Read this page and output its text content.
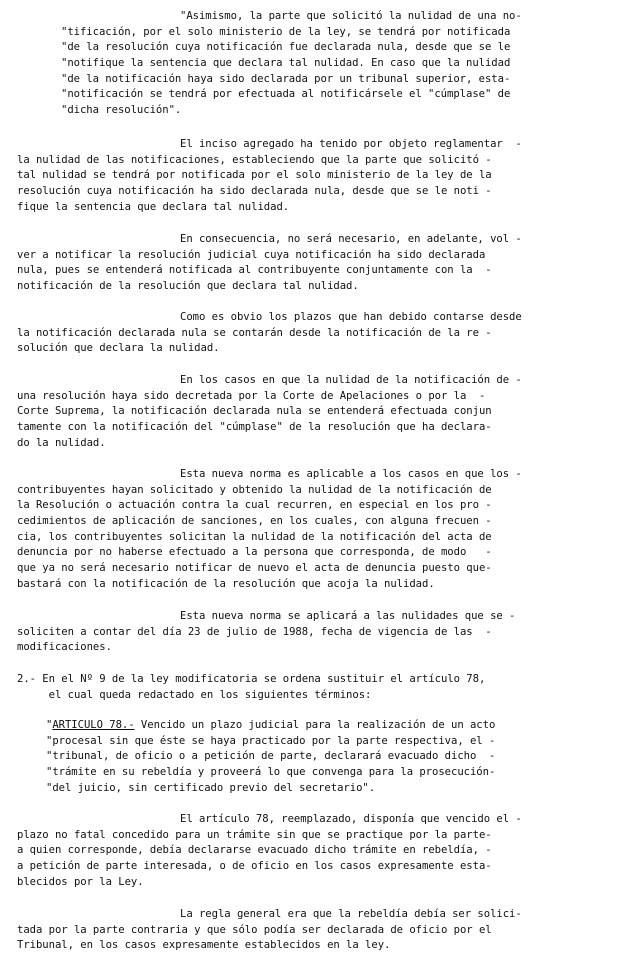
"Asimismo, la parte que solicitó la nulidad de una no-
"tificación, por el solo ministerio de la ley, se tendrá por notificada
"de la resolución cuya notificación fue declarada nula, desde que se le
"notifique la sentencia que declara tal nulidad. En caso que la nulidad
"de la notificación haya sido declarada por un tribunal superior, esta-
"notificación se tendrá por efectuada al notificársele el "cúmplase" de
"dicha resolución".
El inciso agregado ha tenido por objeto reglamentar  -
la nulidad de las notificaciones, estableciendo que la parte que solicitó -
tal nulidad se tendrá por notificada por el solo ministerio de la ley de la
resolución cuya notificación ha sido declarada nula, desde que se le noti -
fique la sentencia que declara tal nulidad.
En consecuencia, no será necesario, en adelante, vol -
ver a notificar la resolución judicial cuya notificación ha sido declarada
nula, pues se entenderá notificada al contribuyente conjuntamente con la  -
notificación de la resolución que declara tal nulidad.
Como es obvio los plazos que han debido contarse desde
la notificación declarada nula se contarán desde la notificación de la re -
solución que declara la nulidad.
En los casos en que la nulidad de la notificación de -
una resolución haya sido decretada por la Corte de Apelaciones o por la  -
Corte Suprema, la notificación declarada nula se entenderá efectuada conjun
tamente con la notificación del "cúmplase" de la resolución que ha declara-
do la nulidad.
Esta nueva norma es aplicable a los casos en que los -
contribuyentes hayan solicitado y obtenido la nulidad de la notificación de
la Resolución o actuación contra la cual recurren, en especial en los pro -
cedimientos de aplicación de sanciones, en los cuales, con alguna frecuen -
cia, los contribuyentes solicitan la nulidad de la notificación del acta de
denuncia por no haberse efectuado a la persona que corresponda, de modo   -
que ya no será necesario notificar de nuevo el acta de denuncia puesto que-
bastará con la notificación de la resolución que acoja la nulidad.
Esta nueva norma se aplicará a las nulidades que se -
soliciten a contar del día 23 de julio de 1988, fecha de vigencia de las  -
modificaciones.
2.- En el Nº 9 de la ley modificatoria se ordena sustituir el artículo 78,
el cual queda redactado en los siguientes términos:
"ARTICULO 78.- Vencido un plazo judicial para la realización de un acto
"procesal sin que éste se haya practicado por la parte respectiva, el -
"tribunal, de oficio o a petición de parte, declarará evacuado dicho  -
"trámite en su rebeldía y proveerá lo que convenga para la prosecución-
"del juicio, sin certificado previo del secretario".
El artículo 78, reemplazado, disponía que vencido el -
plazo no fatal concedido para un trámite sin que se practique por la parte-
a quien corresponde, debía declararse evacuado dicho trámite en rebeldía, -
a petición de parte interesada, o de oficio en los casos expresamente esta-
blecidos por la Ley.
La regla general era que la rebeldía debía ser solici-
tada por la parte contraria y que sólo podía ser declarada de oficio por el
Tribunal, en los casos expresamente establecidos en la ley.
